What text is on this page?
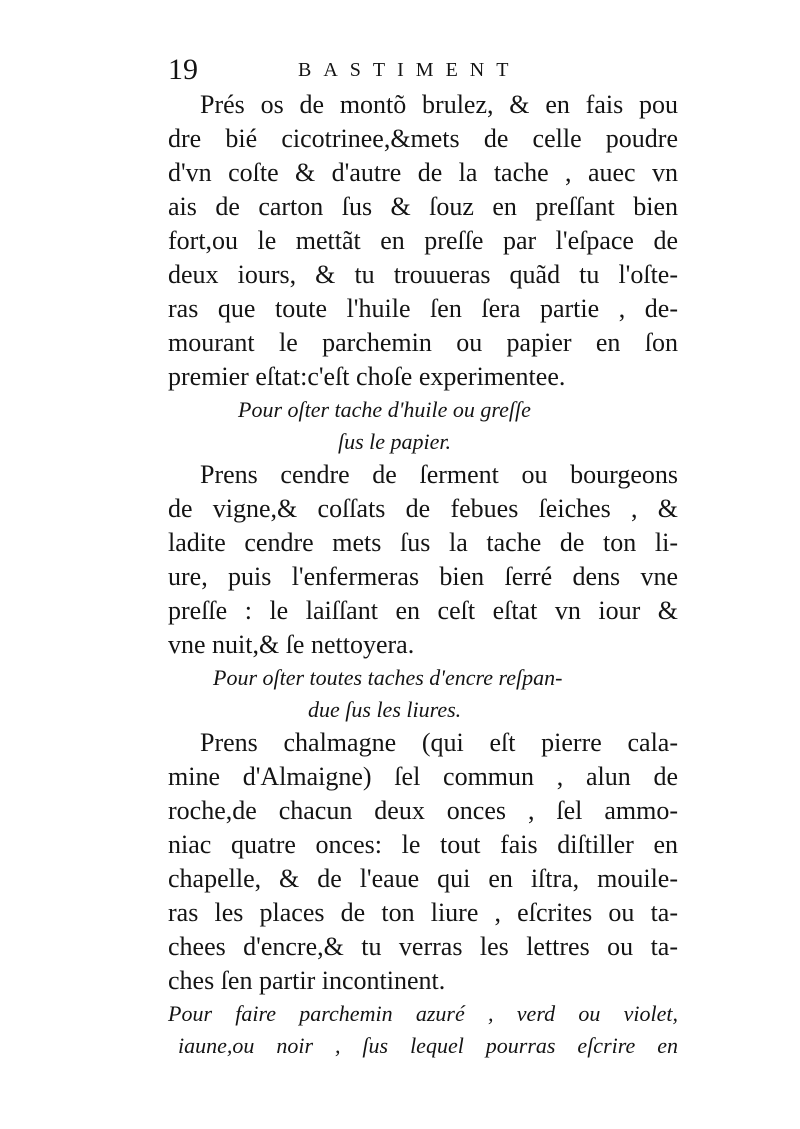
19	BASTIMENT
Prés os de montõ brulez, & en fais pou
dre bié cicotrinee,&mets de celle poudre
d'vn coſte & d'autre de la tache , auec vn
ais de carton ſus & ſouz en preſſant bien
fort,ou le mettãt en preſſe par l'eſpace de
deux iours, & tu trouueras quãd tu l'oſte-
ras que toute l'huile ſen ſera partie , de-
mourant le parchemin ou papier en ſon
premier eſtat:c'eſt choſe experimentee.
Pour oſter tache d'huile ou greſſe
ſus le papier.
Prens cendre de ſerment ou bourgeons
de vigne,& coſſats de febues ſeiches , &
ladite cendre mets ſus la tache de ton li-
ure, puis l'enfermeras bien ſerré dens vne
preſſe : le laiſſant en ceſt eſtat vn iour &
vne nuit,& ſe nettoyera.
Pour oſter toutes taches d'encre reſpan-
due ſus les liures.
Prens chalmagne (qui eſt pierre cala-
mine d'Almaigne) ſel commun , alun de
roche,de chacun deux onces , ſel ammo-
niac quatre onces: le tout fais diſtiller en
chapelle, & de l'eaue qui en iſtra, mouile-
ras les places de ton liure , eſcrites ou ta-
chees d'encre,& tu verras les lettres ou ta-
ches ſen partir incontinent.
Pour faire parchemin azuré , verd ou violet,
iaune,ou noir , ſus lequel pourras eſcrire en
